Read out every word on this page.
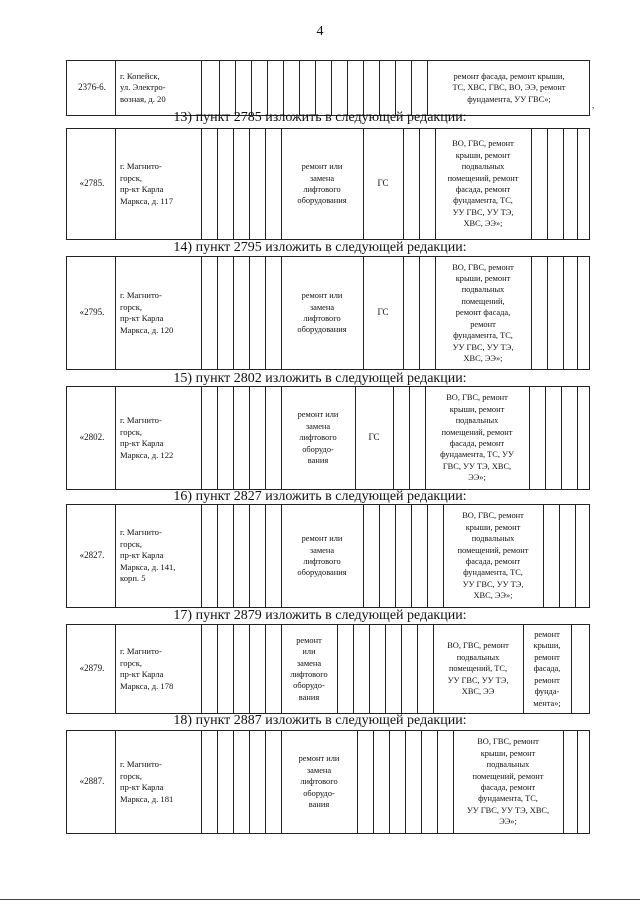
4
2376-6.
г. Копейск,
ул. Электро-
возная, д. 20
ремонт фасада, ремонт крыши,
ТС, ХВС, ГВС, ВО, ЭЭ, ремонт
фундамента, УУ ГВС»;
,
13) пункт 2785 изложить в следующей редакции:
«2785.
г. Магнито-
горск,
пр-кт Карла
Маркса, д. 117
ремонт или
замена
лифтового
оборудования
ГС
ВО, ГВС, ремонт
крыши, ремонт
подвальных
помещений, ремонт
фасада, ремонт
фундамента, ТС,
УУ ГВС, УУ ТЭ,
ХВС, ЭЭ»;
14) пункт 2795 изложить в следующей редакции:
«2795.
г. Магнито-
горск,
пр-кт Карла
Маркса, д. 120
ремонт или
замена
лифтового
оборудования
ГС
ВО, ГВС, ремонт
крыши, ремонт
подвальных
помещений,
ремонт фасада,
ремонт
фундамента, ТС,
УУ ГВС, УУ ТЭ,
ХВС, ЭЭ»;
15) пункт 2802 изложить в следующей редакции:
«2802.
г. Магнито-
горск,
пр-кт Карла
Маркса, д. 122
ремонт или
замена
лифтового
оборудо-
вания
ГС
ВО, ГВС, ремонт
крыши, ремонт
подвальных
помещений, ремонт
фасада, ремонт
фундамента, ТС, УУ
ГВС, УУ ТЭ, ХВС,
ЭЭ»;
16) пункт 2827 изложить в следующей редакции:
«2827.
г. Магнито-
горск,
пр-кт Карла
Маркса, д. 141,
корп. 5
ремонт или
замена
лифтового
оборудования
ВО, ГВС, ремонт
крыши, ремонт
подвальных
помещений, ремонт
фасада, ремонт
фундамента, ТС,
УУ ГВС, УУ ТЭ,
ХВС, ЭЭ»;
17) пункт 2879 изложить в следующей редакции:
«2879.
г. Магнито-
горск,
пр-кт Карла
Маркса, д. 178
ремонт
или
замена
лифтового
оборудо-
вания
ВО, ГВС, ремонт
подвальных
помещений, ТС,
УУ ГВС, УУ ТЭ,
ХВС, ЭЭ
ремонт
крыши,
ремонт
фасада,
ремонт
фунда-
мента»;
18) пункт 2887 изложить в следующей редакции:
«2887.
г. Магнито-
горск,
пр-кт Карла
Маркса, д. 181
ремонт или
замена
лифтового
оборудо-
вания
ВО, ГВС, ремонт
крыши, ремонт
подвальных
помещений, ремонт
фасада, ремонт
фундамента, ТС,
УУ ГВС, УУ ТЭ, ХВС,
ЭЭ»;
